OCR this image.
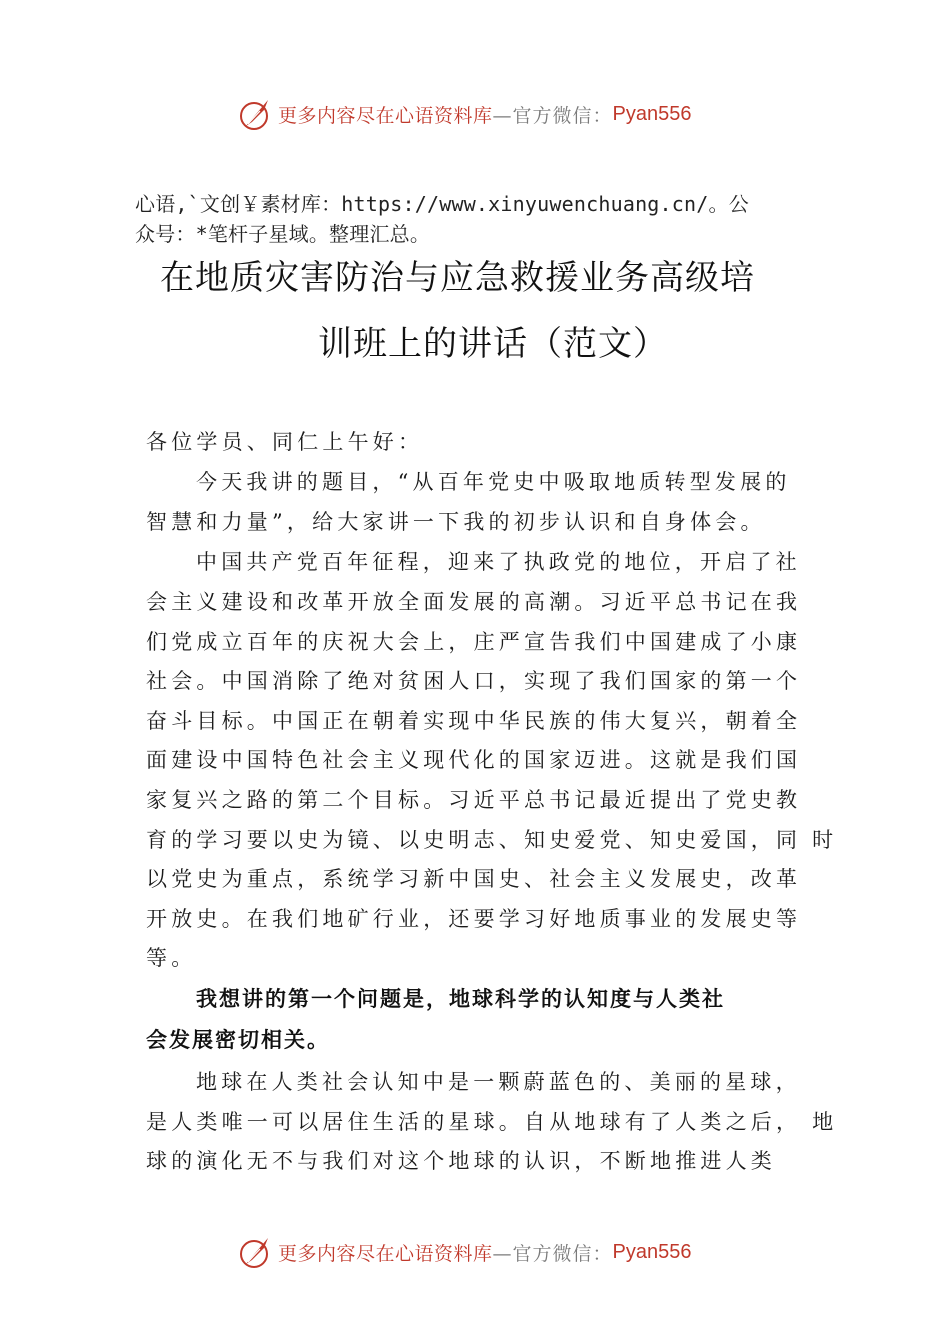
更多内容尽在心语资料库 —官方微信： Pyan556
心语,`文创￥素材库：https://www.xinyuwenchuang.cn/。公
众号：*笔杆子星域。整理汇总。
在地质灾害防治与应急救援业务高级培
训班上的讲话（范文）
各位学员、同仁上午好：
今天我讲的题目，“从百年党史中吸取地质转型发展的
智慧和力量”，给大家讲一下我的初步认识和自身体会。
中国共产党百年征程，迎来了执政党的地位，开启了社
会主义建设和改革开放全面发展的高潮。习近平总书记在我
们党成立百年的庆祝大会上，庄严宣告我们中国建成了小康
社会。中国消除了绝对贫困人口，实现了我们国家的第一个
奋斗目标。中国正在朝着实现中华民族的伟大复兴，朝着全
面建设中国特色社会主义现代化的国家迈进。这就是我们国
家复兴之路的第二个目标。习近平总书记最近提出了党史教
育的学习要以史为镜、以史明志、知史爱党、知史爱国，同 时
以党史为重点，系统学习新中国史、社会主义发展史，改革
开放史。在我们地矿行业，还要学习好地质事业的发展史等
等。
我想讲的第一个问题是，地球科学的认知度与人类社
会发展密切相关。
地球在人类社会认知中是一颗蔚蓝色的、美丽的星球，
是人类唯一可以居住生活的星球。自从地球有了人类之后， 地
球的演化无不与我们对这个地球的认识，不断地推进人类
更多内容尽在心语资料库 —官方微信： Pyan556
